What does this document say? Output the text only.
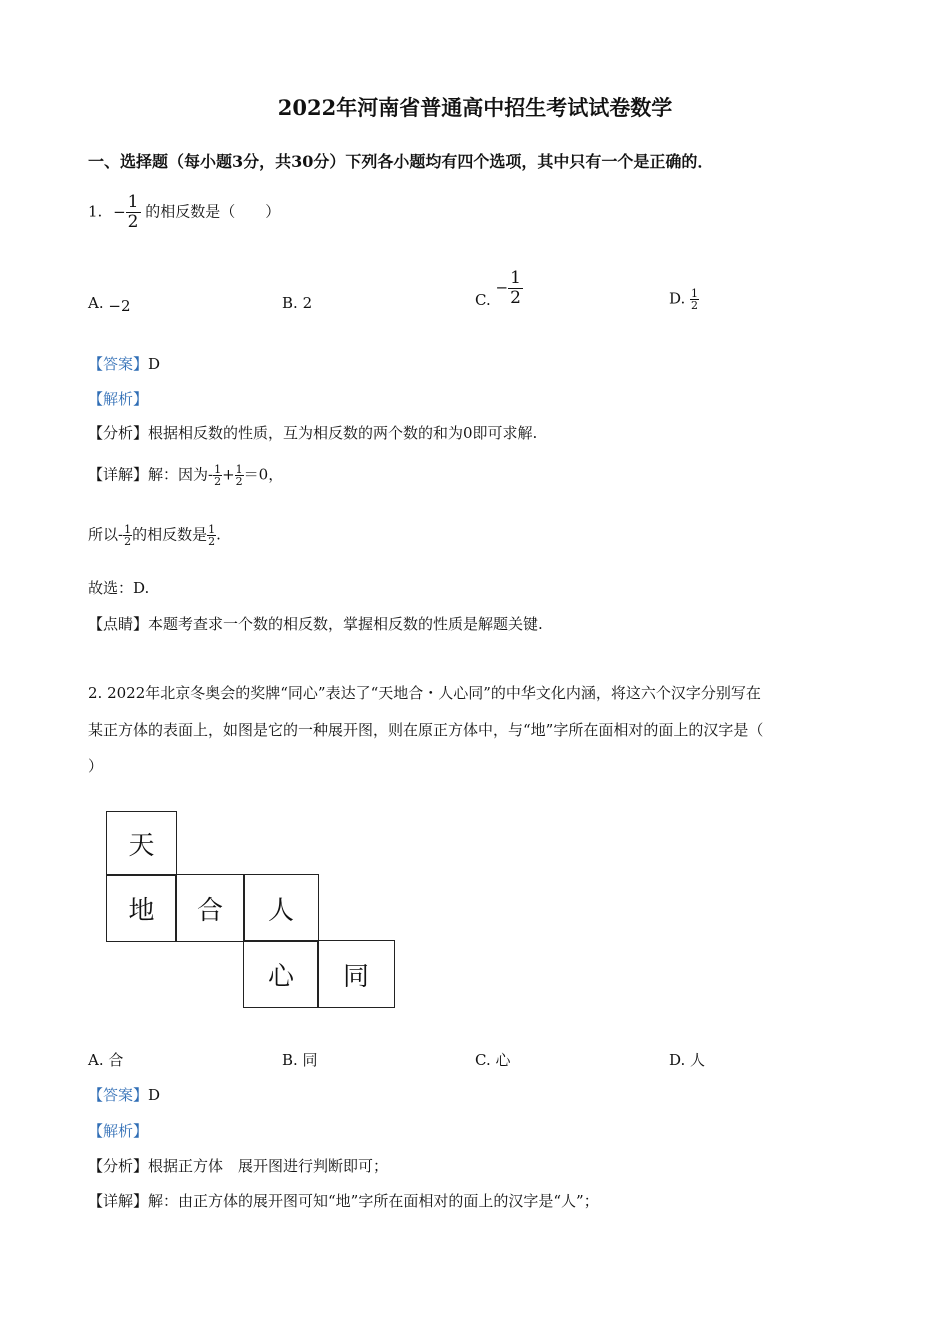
2022年河南省普通高中招生考试试卷数学
一、选择题（每小题3分，共30分）下列各小题均有四个选项，其中只有一个是正确的．
1. − $\frac{1}{2}$ 的相反数是（　　）
A. −2	B. 2	C. − $\frac{1}{2}$	D. $\frac{1}{2}$
【答案】D
【解析】
【分析】根据相反数的性质，互为相反数的两个数的和为0即可求解.
【详解】解：因为- $\frac{1}{2} + \frac{1}{2} =0$，
所以- $\frac{1}{2}$ 的相反数是 $\frac{1}{2}$ .
故选：D.
【点睛】本题考查求一个数的相反数，掌握相反数的性质是解题关键.
2. 2022年北京冬奥会的奖牌“同心”表达了“天地合・人心同”的中华文化内涵，将这六个汉字分别写在
某正方体的表面上，如图是它的一种展开图，则在原正方体中，与“地”字所在面相对的面上的汉字是（
）
天
地	合	人
心	同
A. 合	B. 同	C. 心	D. 人
【答案】D
【解析】
【分析】根据正方体　展开图进行判断即可；
【详解】解：由正方体的展开图可知“地”字所在面相对的面上的汉字是“人”；
